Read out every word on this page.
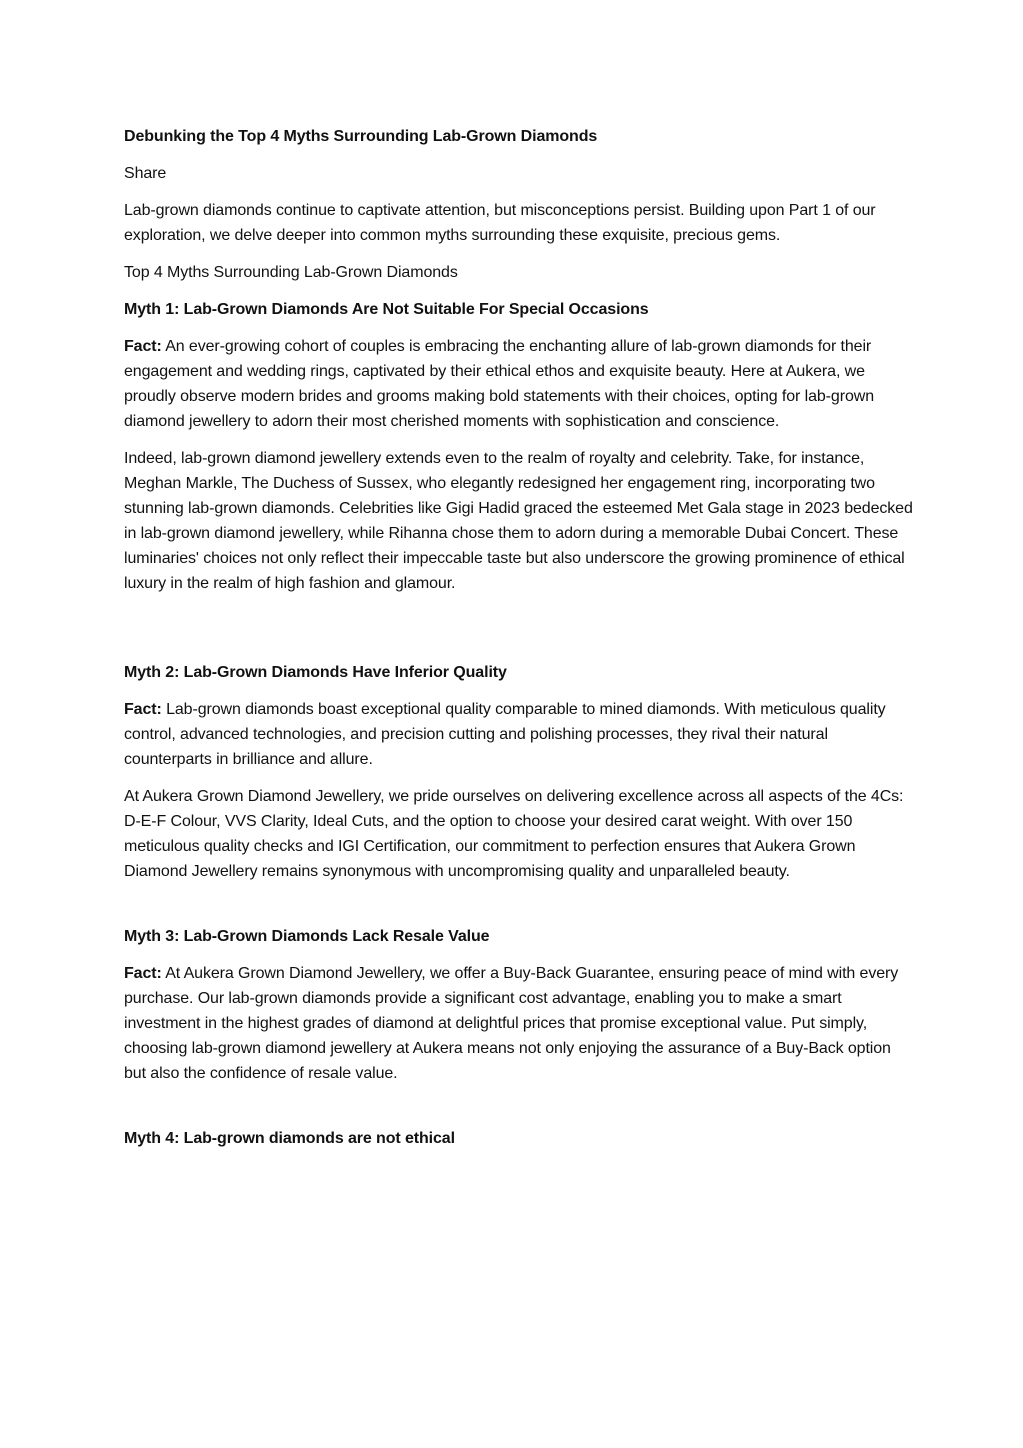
Debunking the Top 4 Myths Surrounding Lab-Grown Diamonds

Share

Lab-grown diamonds continue to captivate attention, but misconceptions persist. Building upon Part 1 of our exploration, we delve deeper into common myths surrounding these exquisite, precious gems.

Top 4 Myths Surrounding Lab-Grown Diamonds

Myth 1: Lab-Grown Diamonds Are Not Suitable For Special Occasions

Fact: An ever-growing cohort of couples is embracing the enchanting allure of lab-grown diamonds for their engagement and wedding rings, captivated by their ethical ethos and exquisite beauty. Here at Aukera, we proudly observe modern brides and grooms making bold statements with their choices, opting for lab-grown diamond jewellery to adorn their most cherished moments with sophistication and conscience.

Indeed, lab-grown diamond jewellery extends even to the realm of royalty and celebrity. Take, for instance, Meghan Markle, The Duchess of Sussex, who elegantly redesigned her engagement ring, incorporating two stunning lab-grown diamonds. Celebrities like Gigi Hadid graced the esteemed Met Gala stage in 2023 bedecked in lab-grown diamond jewellery, while Rihanna chose them to adorn during a memorable Dubai Concert. These luminaries' choices not only reflect their impeccable taste but also underscore the growing prominence of ethical luxury in the realm of high fashion and glamour.

Myth 2: Lab-Grown Diamonds Have Inferior Quality

Fact: Lab-grown diamonds boast exceptional quality comparable to mined diamonds. With meticulous quality control, advanced technologies, and precision cutting and polishing processes, they rival their natural counterparts in brilliance and allure.

At Aukera Grown Diamond Jewellery, we pride ourselves on delivering excellence across all aspects of the 4Cs: D-E-F Colour, VVS Clarity, Ideal Cuts, and the option to choose your desired carat weight. With over 150 meticulous quality checks and IGI Certification, our commitment to perfection ensures that Aukera Grown Diamond Jewellery remains synonymous with uncompromising quality and unparalleled beauty.

Myth 3: Lab-Grown Diamonds Lack Resale Value

Fact: At Aukera Grown Diamond Jewellery, we offer a Buy-Back Guarantee, ensuring peace of mind with every purchase. Our lab-grown diamonds provide a significant cost advantage, enabling you to make a smart investment in the highest grades of diamond at delightful prices that promise exceptional value. Put simply, choosing lab-grown diamond jewellery at Aukera means not only enjoying the assurance of a Buy-Back option but also the confidence of resale value.

Myth 4: Lab-grown diamonds are not ethical
